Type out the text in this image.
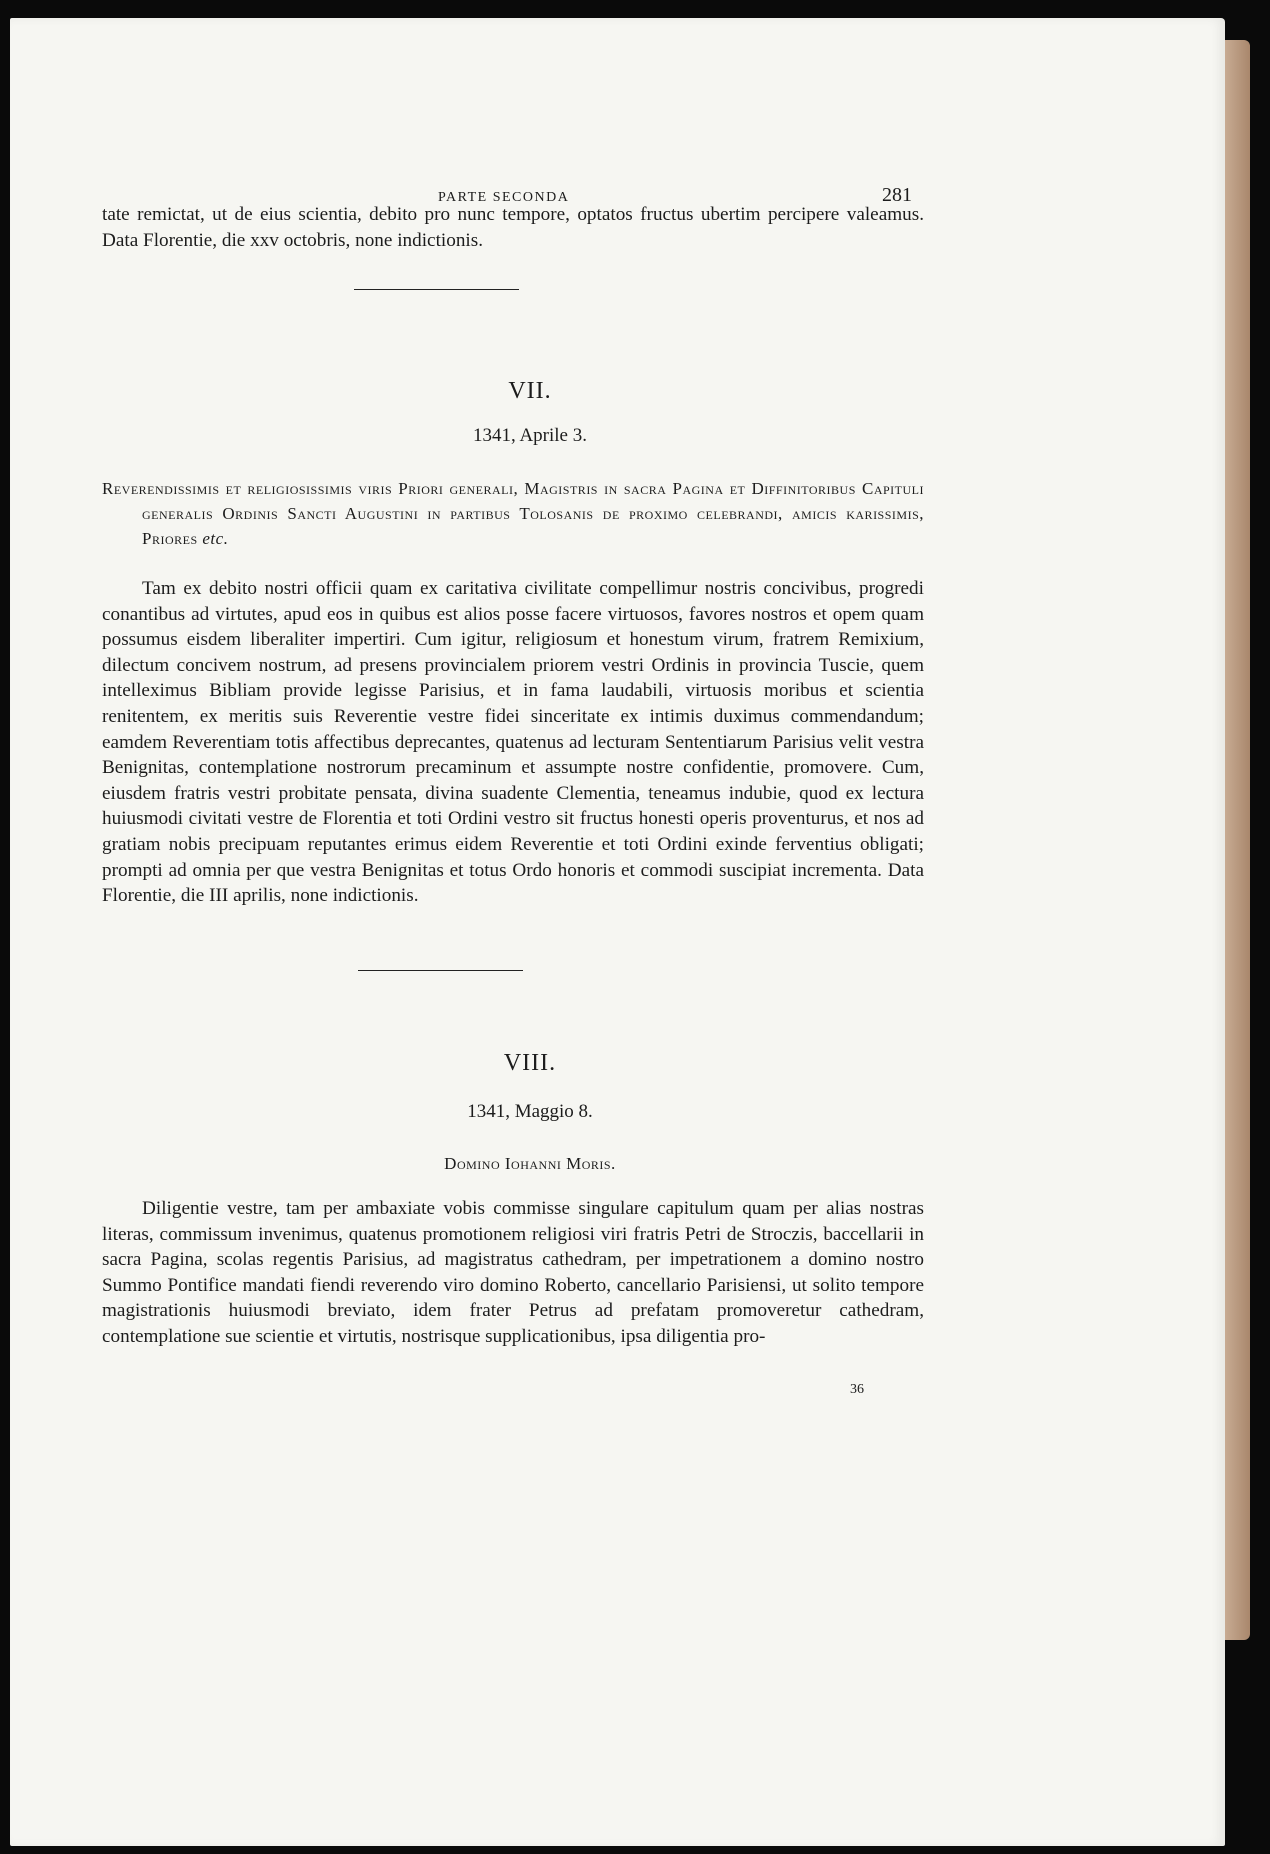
PARTE SECONDA	281

tate remictat, ut de eius scientia, debito pro nunc tempore, optatos fructus ubertim percipere valeamus. Data Florentie, die xxv octobris, none indictionis.

VII.
1341, Aprile 3.
Reverendissimis et religiosissimis viris Priori generali, Magistris in sacra Pagina et Diffinitoribus Capituli generalis Ordinis Sancti Augustini in partibus Tolosanis de proximo celebrandi, amicis karissimis, Priores etc.

Tam ex debito nostri officii quam ex caritativa civilitate compellimur nostris concivibus, progredi conantibus ad virtutes, apud eos in quibus est alios posse facere virtuosos, favores nostros et opem quam possumus eisdem liberaliter impertiri. Cum igitur, religiosum et honestum virum, fratrem Remixium, dilectum concivem nostrum, ad presens provincialem priorem vestri Ordinis in provincia Tuscie, quem intelleximus Bibliam provide legisse Parisius, et in fama laudabili, virtuosis moribus et scientia renitentem, ex meritis suis Reverentie vestre fidei sinceritate ex intimis duximus commendandum; eamdem Reverentiam totis affectibus deprecantes, quatenus ad lecturam Sententiarum Parisius velit vestra Benignitas, contemplatione nostrorum precaminum et assumpte nostre confidentie, promovere. Cum, eiusdem fratris vestri probitate pensata, divina suadente Clementia, teneamus indubie, quod ex lectura huiusmodi civitati vestre de Florentia et toti Ordini vestro sit fructus honesti operis proventurus, et nos ad gratiam nobis precipuam reputantes erimus eidem Reverentie et toti Ordini exinde ferventius obligati; prompti ad omnia per que vestra Benignitas et totus Ordo honoris et commodi suscipiat incrementa. Data Florentie, die III aprilis, none indictionis.

VIII.
1341, Maggio 8.
Domino Iohanni Moris.

Diligentie vestre, tam per ambaxiate vobis commisse singulare capitulum quam per alias nostras literas, commissum invenimus, quatenus promotionem religiosi viri fratris Petri de Stroczis, baccellarii in sacra Pagina, scolas regentis Parisius, ad magistratus cathedram, per impetrationem a domino nostro Summo Pontifice mandati fiendi reverendo viro domino Roberto, cancellario Parisiensi, ut solito tempore magistrationis huiusmodi breviato, idem frater Petrus ad prefatam promoveretur cathedram, contemplatione sue scientie et virtutis, nostrisque supplicationibus, ipsa diligentia pro-

36
